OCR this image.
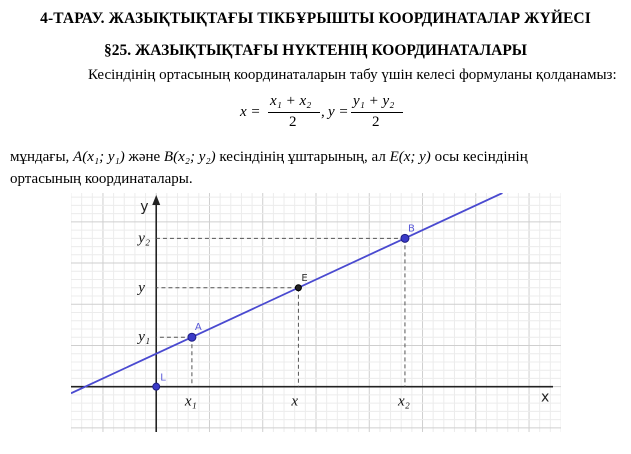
4-ТАРАУ. ЖАЗЫҚТЫҚТАҒЫ ТІКБҰРЫШТЫ КООРДИНАТАЛАР ЖҮЙЕСІ
§25. ЖАЗЫҚТЫҚТАҒЫ НҮКТЕНІҢ КООРДИНАТАЛАРЫ
Кесіндінің ортасының координаталарын табу үшін келесі формуланы қолданамыз:
x =
x₁ + x₂
2
, y =
y₁ + y₂
2
мұндағы, A(x₁; y₁) және B(x₂; y₂) кесіндінің ұштарының, ал E(x; y) осы кесіндінің
ортасының координаталары.
x
y
L
A
E
B
x₁	x	x₂
y₁
y
y₂
